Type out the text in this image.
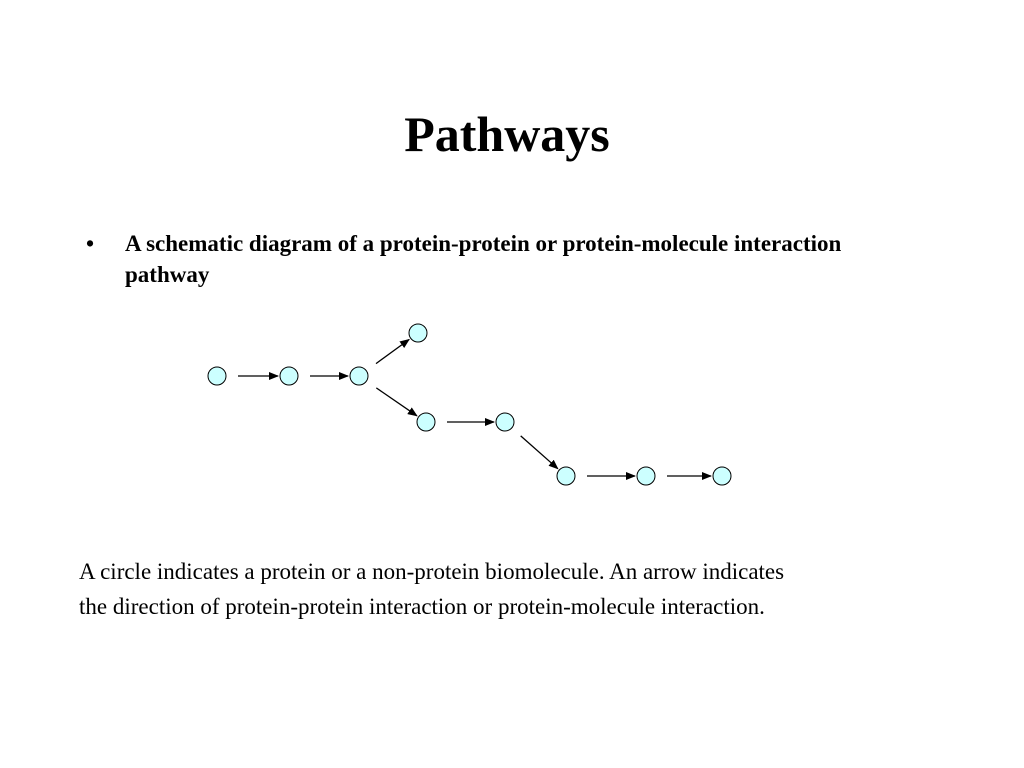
Pathways
• A schematic diagram of a protein-protein or protein-molecule interaction pathway

A circle indicates a protein or a non-protein biomolecule. An arrow indicates
the direction of protein-protein interaction or protein-molecule interaction.
